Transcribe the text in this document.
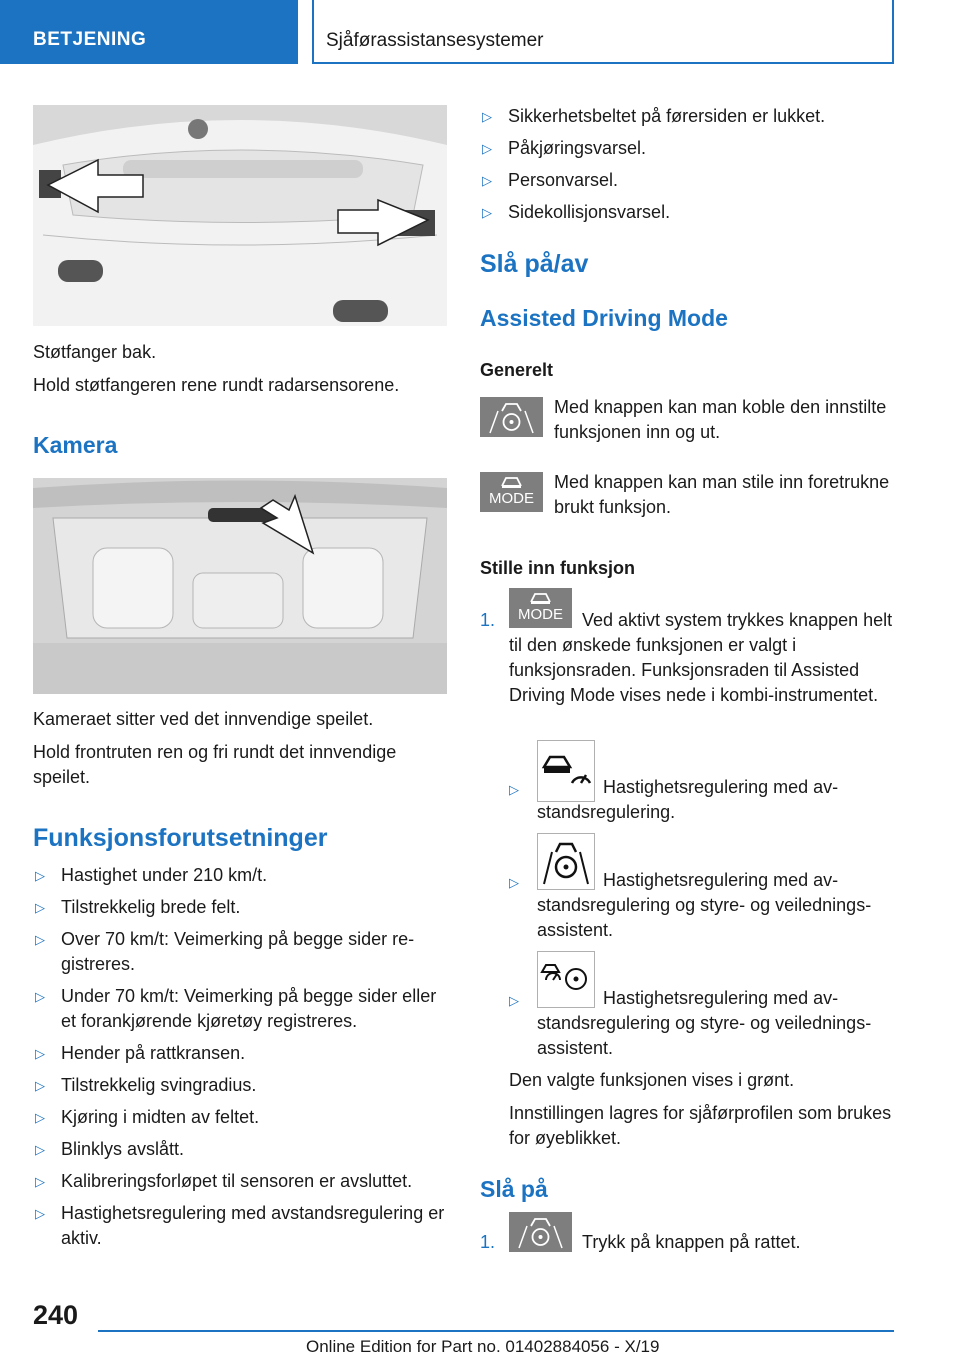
BETJENING	Sjåførassistansesystemer

Støtfanger bak.

Hold støtfangeren rene rundt radarsensorene.

Kamera

Kameraet sitter ved det innvendige speilet.

Hold frontruten ren og fri rundt det innvendige speilet.

Funksjonsforutsetninger
▷ Hastighet under 210 km/t.
▷ Tilstrekkelig brede felt.
▷ Over 70 km/t: Veimerking på begge sider registreres.
▷ Under 70 km/t: Veimerking på begge sider eller et forankjørende kjøretøy registreres.
▷ Hender på rattkransen.
▷ Tilstrekkelig svingradius.
▷ Kjøring i midten av feltet.
▷ Blinklys avslått.
▷ Kalibreringsforløpet til sensoren er avsluttet.
▷ Hastighetsregulering med avstandsregulering er aktiv.
▷ Sikkerhetsbeltet på førersiden er lukket.
▷ Påkjøringsvarsel.
▷ Personvarsel.
▷ Sidekollisjonsvarsel.
Slå på/av
Assisted Driving Mode
Generelt
Med knappen kan man koble den innstilte funksjonen inn og ut.
MODE
Med knappen kan man stile inn foretrukne brukt funksjon.
Stille inn funksjon
1.	MODE	Ved aktivt system trykkes knappen helt til den ønskede funksjonen er valgt i funksjonsraden. Funksjonsraden til Assisted Driving Mode vises nede i kombi-instrumentet.
▷	Hastighetsregulering med avstandsregulering.
▷	Hastighetsregulering med avstandsregulering og styre- og veiledningsassistent.
▷	Hastighetsregulering med avstandsregulering og styre- og veiledningsassistent.
Den valgte funksjonen vises i grønt.
Innstillingen lagres for sjåførprofilen som brukes for øyeblikket.
Slå på
1.	Trykk på knappen på rattet.
240
Online Edition for Part no. 01402884056 - X/19
